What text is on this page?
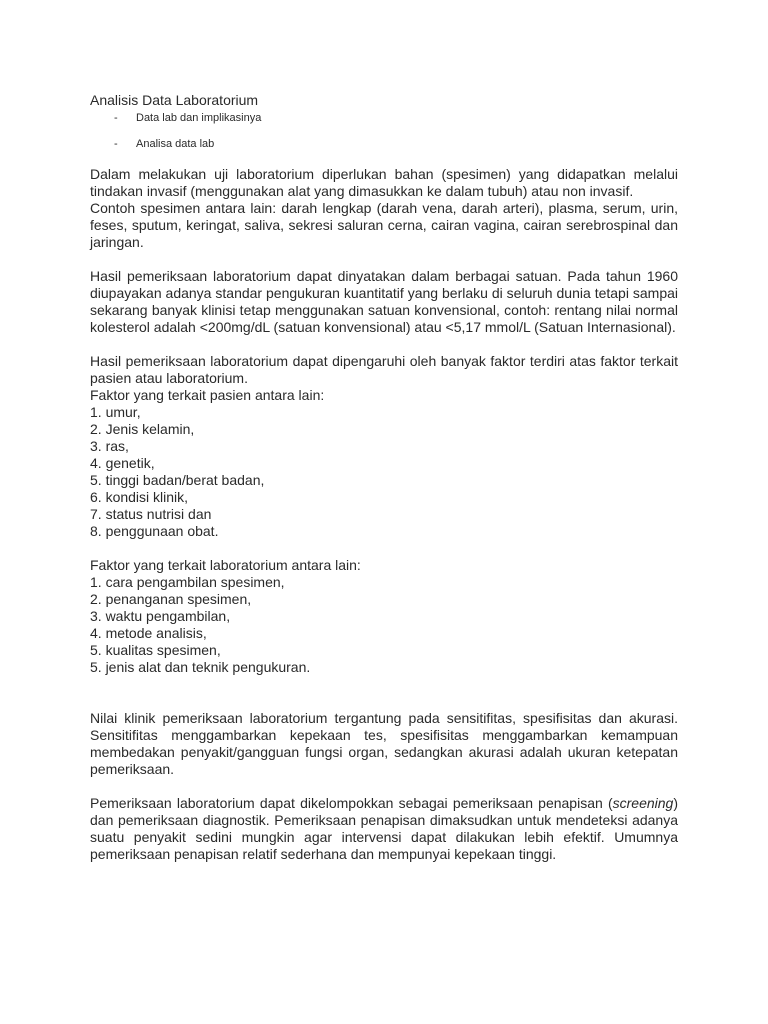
Analisis Data Laboratorium

- Data lab dan implikasinya
- Analisa data lab

Dalam melakukan uji laboratorium diperlukan bahan (spesimen) yang didapatkan melalui tindakan invasif (menggunakan alat yang dimasukkan ke dalam tubuh) atau non invasif.

Contoh spesimen antara lain: darah lengkap (darah vena, darah arteri), plasma, serum, urin, feses, sputum, keringat, saliva, sekresi saluran cerna, cairan vagina, cairan serebrospinal dan jaringan.

Hasil pemeriksaan laboratorium dapat dinyatakan dalam berbagai satuan. Pada tahun 1960 diupayakan adanya standar pengukuran kuantitatif yang berlaku di seluruh dunia tetapi sampai sekarang banyak klinisi tetap menggunakan satuan konvensional, contoh: rentang nilai normal kolesterol adalah <200mg/dL (satuan konvensional) atau <5,17 mmol/L (Satuan Internasional).

Hasil pemeriksaan laboratorium dapat dipengaruhi oleh banyak faktor terdiri atas faktor terkait pasien atau laboratorium.

Faktor yang terkait pasien antara lain:

1. umur,
2. Jenis kelamin,
3. ras,
4. genetik,
5. tinggi badan/berat badan,
6. kondisi klinik,
7. status nutrisi dan
8. penggunaan obat.

Faktor yang terkait laboratorium antara lain:

1. cara pengambilan spesimen,
2. penanganan spesimen,
3. waktu pengambilan,
4. metode analisis,
5. kualitas spesimen,
5. jenis alat dan teknik pengukuran.

Nilai klinik pemeriksaan laboratorium tergantung pada sensitifitas, spesifisitas dan akurasi. Sensitifitas menggambarkan kepekaan tes, spesifisitas menggambarkan kemampuan membedakan penyakit/gangguan fungsi organ, sedangkan akurasi adalah ukuran ketepatan pemeriksaan.

Pemeriksaan laboratorium dapat dikelompokkan sebagai pemeriksaan penapisan (screening) dan pemeriksaan diagnostik. Pemeriksaan penapisan dimaksudkan untuk mendeteksi adanya suatu penyakit sedini mungkin agar intervensi dapat dilakukan lebih efektif. Umumnya pemeriksaan penapisan relatif sederhana dan mempunyai kepekaan tinggi.
